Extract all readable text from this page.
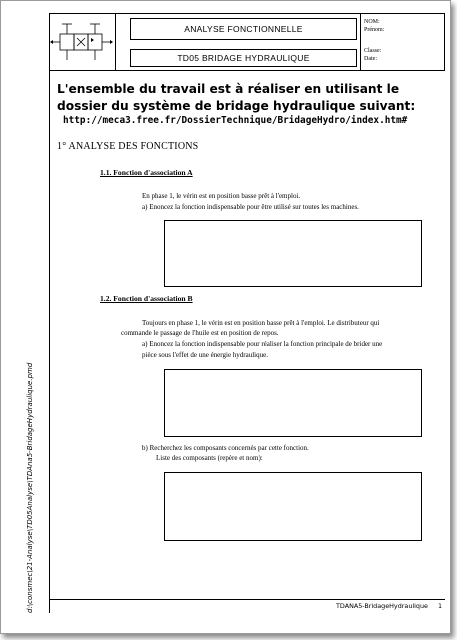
ANALYSE FONCTIONNELLE
TD05 BRIDAGE HYDRAULIQUE
NOM:
Prénom:
Classe:
Date:
L'ensemble du travail est à réaliser en utilisant le dossier du système de bridage hydraulique suivant:
http://meca3.free.fr/DossierTechnique/BridageHydro/index.htm#
1° ANALYSE DES FONCTIONS
1.1. Fonction d'association A
En phase 1, le vérin est en position basse prêt à l'emploi.
a) Enoncez la fonction indispensable pour être utilisé sur toutes les machines.
1.2. Fonction d'association B
Toujours en phase 1, le vérin est en position basse prêt à l'emploi. Le distributeur qui
commande le passage de l'huile est en position de repos.
a) Enoncez la fonction indispensable pour réaliser la fonction principale de brider une
pièce sous l'effet de une énergie hydraulique.
b) Recherchez les composants concernés par cette fonction.
Liste des composants (repère et nom):
d:\consmec\21-Analyse\TD05Analyse\TDAna5-BridageHydraulique.pmd	TDANA5-BridageHydraulique 1
